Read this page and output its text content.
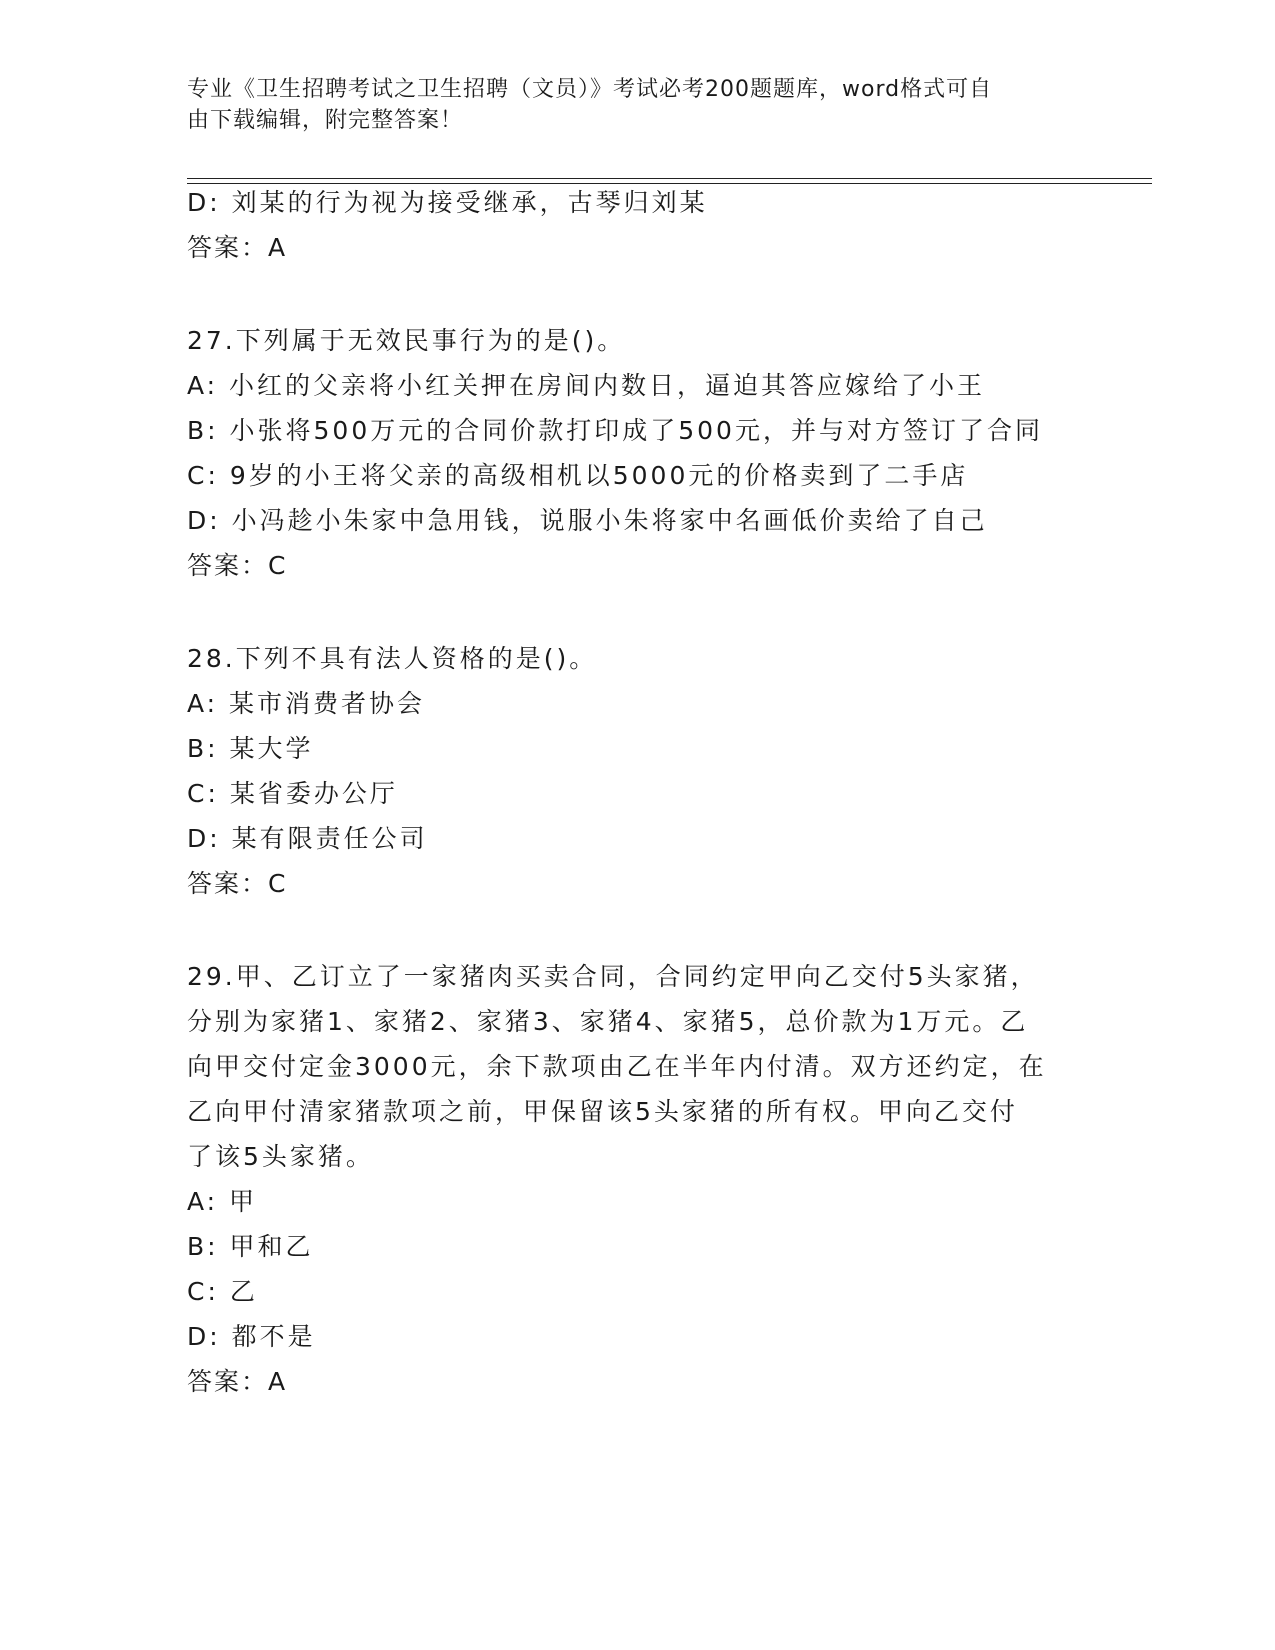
专业《卫生招聘考试之卫生招聘（文员）》考试必考200题题库，word格式可自
由下载编辑，附完整答案！
D: 刘某的行为视为接受继承，古琴归刘某
答案：A
27.下列属于无效民事行为的是()。
A: 小红的父亲将小红关押在房间内数日，逼迫其答应嫁给了小王
B: 小张将500万元的合同价款打印成了500元，并与对方签订了合同
C: 9岁的小王将父亲的高级相机以5000元的价格卖到了二手店
D: 小冯趁小朱家中急用钱，说服小朱将家中名画低价卖给了自己
答案：C
28.下列不具有法人资格的是()。
A: 某市消费者协会
B: 某大学
C: 某省委办公厅
D: 某有限责任公司
答案：C
29.甲、乙订立了一家猪肉买卖合同，合同约定甲向乙交付5头家猪，
分别为家猪1、家猪2、家猪3、家猪4、家猪5，总价款为1万元。乙
向甲交付定金3000元，余下款项由乙在半年内付清。双方还约定，在
乙向甲付清家猪款项之前，甲保留该5头家猪的所有权。甲向乙交付
了该5头家猪。
A: 甲
B: 甲和乙
C: 乙
D: 都不是
答案：A
